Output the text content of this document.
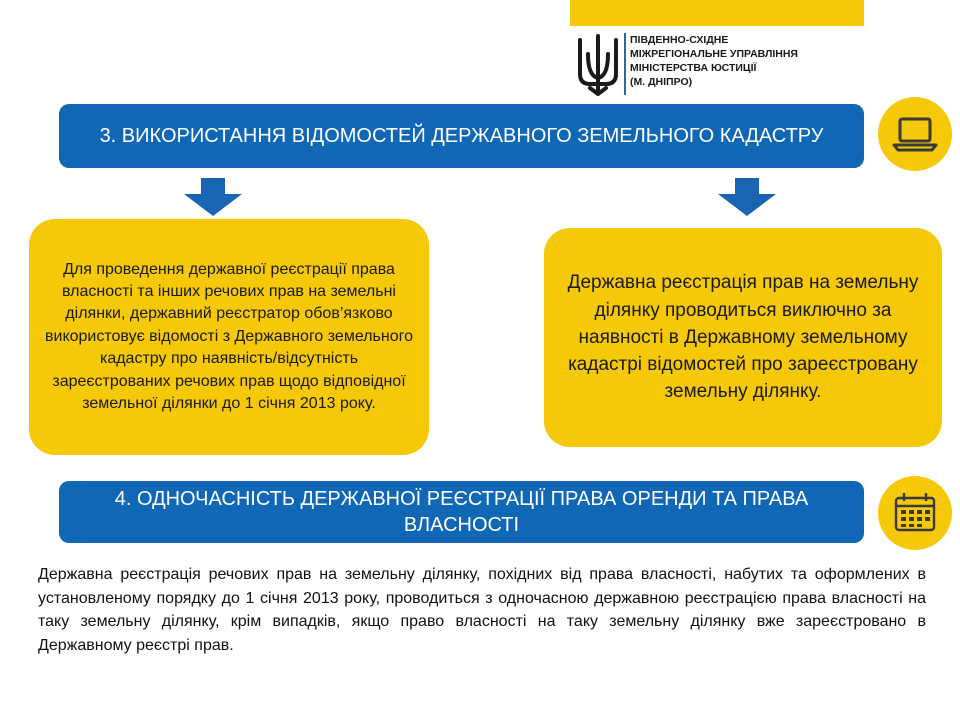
ПІВДЕННО-СХІДНЕ
МІЖРЕГІОНАЛЬНЕ УПРАВЛІННЯ
МІНІСТЕРСТВА ЮСТИЦІЇ
(М. ДНІПРО)
3. ВИКОРИСТАННЯ ВІДОМОСТЕЙ ДЕРЖАВНОГО ЗЕМЕЛЬНОГО КАДАСТРУ
Для проведення державної реєстрації права власності та інших речових прав на земельні ділянки, державний реєстратор обов’язково використовує відомості з Державного земельного кадастру про наявність/відсутність зареєстрованих речових прав щодо відповідної земельної ділянки до 1 січня 2013 року.
Державна реєстрація прав на земельну ділянку проводиться виключно за наявності в Державному земельному кадастрі відомостей про зареєстровану земельну ділянку.
4. ОДНОЧАСНІСТЬ ДЕРЖАВНОЇ РЕЄСТРАЦІЇ ПРАВА ОРЕНДИ ТА ПРАВА ВЛАСНОСТІ
Державна реєстрація речових прав на земельну ділянку, похідних від права власності, набутих та оформлених в установленому порядку до 1 січня 2013 року, проводиться з одночасною державною реєстрацією права власності на таку земельну ділянку, крім випадків, якщо право власності на таку земельну ділянку вже зареєстровано в Державному реєстрі прав.
